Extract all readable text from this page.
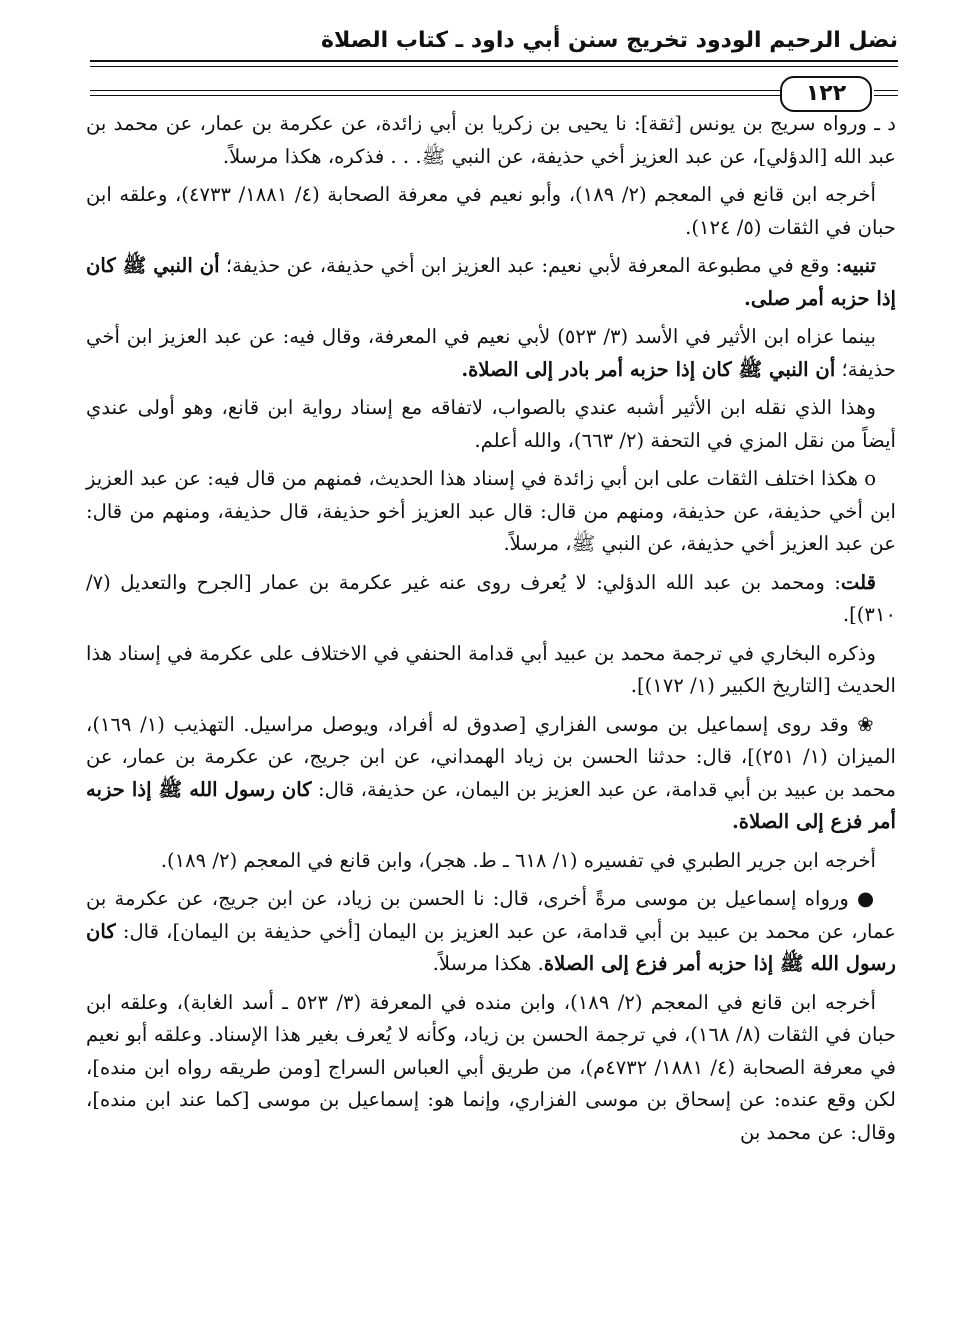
نضل الرحيم الودود تخريج سنن أبي داود ـ كتاب الصلاة
١٢٢

د ـ ورواه سريج بن يونس [ثقة]: نا يحيى بن زكريا بن أبي زائدة، عن عكرمة بن عمار، عن محمد بن عبد الله [الدؤلي]، عن عبد العزيز أخي حذيفة، عن النبي ﷺ. . . فذكره، هكذا مرسلاً.

أخرجه ابن قانع في المعجم (٢/ ١٨٩)، وأبو نعيم في معرفة الصحابة (٤/ ١٨٨١/ ٤٧٣٣)، وعلقه ابن حبان في الثقات (٥/ ١٢٤).

تنبيه: وقع في مطبوعة المعرفة لأبي نعيم: عبد العزيز ابن أخي حذيفة، عن حذيفة؛ أن النبي ﷺ كان إذا حزبه أمر صلى.

بينما عزاه ابن الأثير في الأسد (٣/ ٥٢٣) لأبي نعيم في المعرفة، وقال فيه: عن عبد العزيز ابن أخي حذيفة؛ أن النبي ﷺ كان إذا حزبه أمر بادر إلى الصلاة.

وهذا الذي نقله ابن الأثير أشبه عندي بالصواب، لاتفاقه مع إسناد رواية ابن قانع، وهو أولى عندي أيضاً من نقل المزي في التحفة (٢/ ٦٦٣)، والله أعلم.

o هكذا اختلف الثقات على ابن أبي زائدة في إسناد هذا الحديث، فمنهم من قال فيه: عن عبد العزيز ابن أخي حذيفة، عن حذيفة، ومنهم من قال: قال عبد العزيز أخو حذيفة، قال حذيفة، ومنهم من قال: عن عبد العزيز أخي حذيفة، عن النبي ﷺ، مرسلاً.

قلت: ومحمد بن عبد الله الدؤلي: لا يُعرف روى عنه غير عكرمة بن عمار [الجرح والتعديل (٧/ ٣١٠)].

وذكره البخاري في ترجمة محمد بن عبيد أبي قدامة الحنفي في الاختلاف على عكرمة في إسناد هذا الحديث [التاريخ الكبير (١/ ١٧٢)].

❀ وقد روى إسماعيل بن موسى الفزاري [صدوق له أفراد، ويوصل مراسيل. التهذيب (١/ ١٦٩)، الميزان (١/ ٢٥١)]، قال: حدثنا الحسن بن زياد الهمداني، عن ابن جريج، عن عكرمة بن عمار، عن محمد بن عبيد بن أبي قدامة، عن عبد العزيز بن اليمان، عن حذيفة، قال: كان رسول الله ﷺ إذا حزبه أمر فزع إلى الصلاة.

أخرجه ابن جرير الطبري في تفسيره (١/ ٦١٨ ـ ط. هجر)، وابن قانع في المعجم (٢/ ١٨٩).

● ورواه إسماعيل بن موسى مرةً أخرى، قال: نا الحسن بن زياد، عن ابن جريج، عن عكرمة بن عمار، عن محمد بن عبيد بن أبي قدامة، عن عبد العزيز بن اليمان [أخي حذيفة بن اليمان]، قال: كان رسول الله ﷺ إذا حزبه أمر فزع إلى الصلاة. هكذا مرسلاً.

أخرجه ابن قانع في المعجم (٢/ ١٨٩)، وابن منده في المعرفة (٣/ ٥٢٣ ـ أسد الغابة)، وعلقه ابن حبان في الثقات (٨/ ١٦٨)، في ترجمة الحسن بن زياد، وكأنه لا يُعرف بغير هذا الإسناد. وعلقه أبو نعيم في معرفة الصحابة (٤/ ١٨٨١/ ٤٧٣٢م)، من طريق أبي العباس السراج [ومن طريقه رواه ابن منده]، لكن وقع عنده: عن إسحاق بن موسى الفزاري، وإنما هو: إسماعيل بن موسى [كما عند ابن منده]، وقال: عن محمد بن
